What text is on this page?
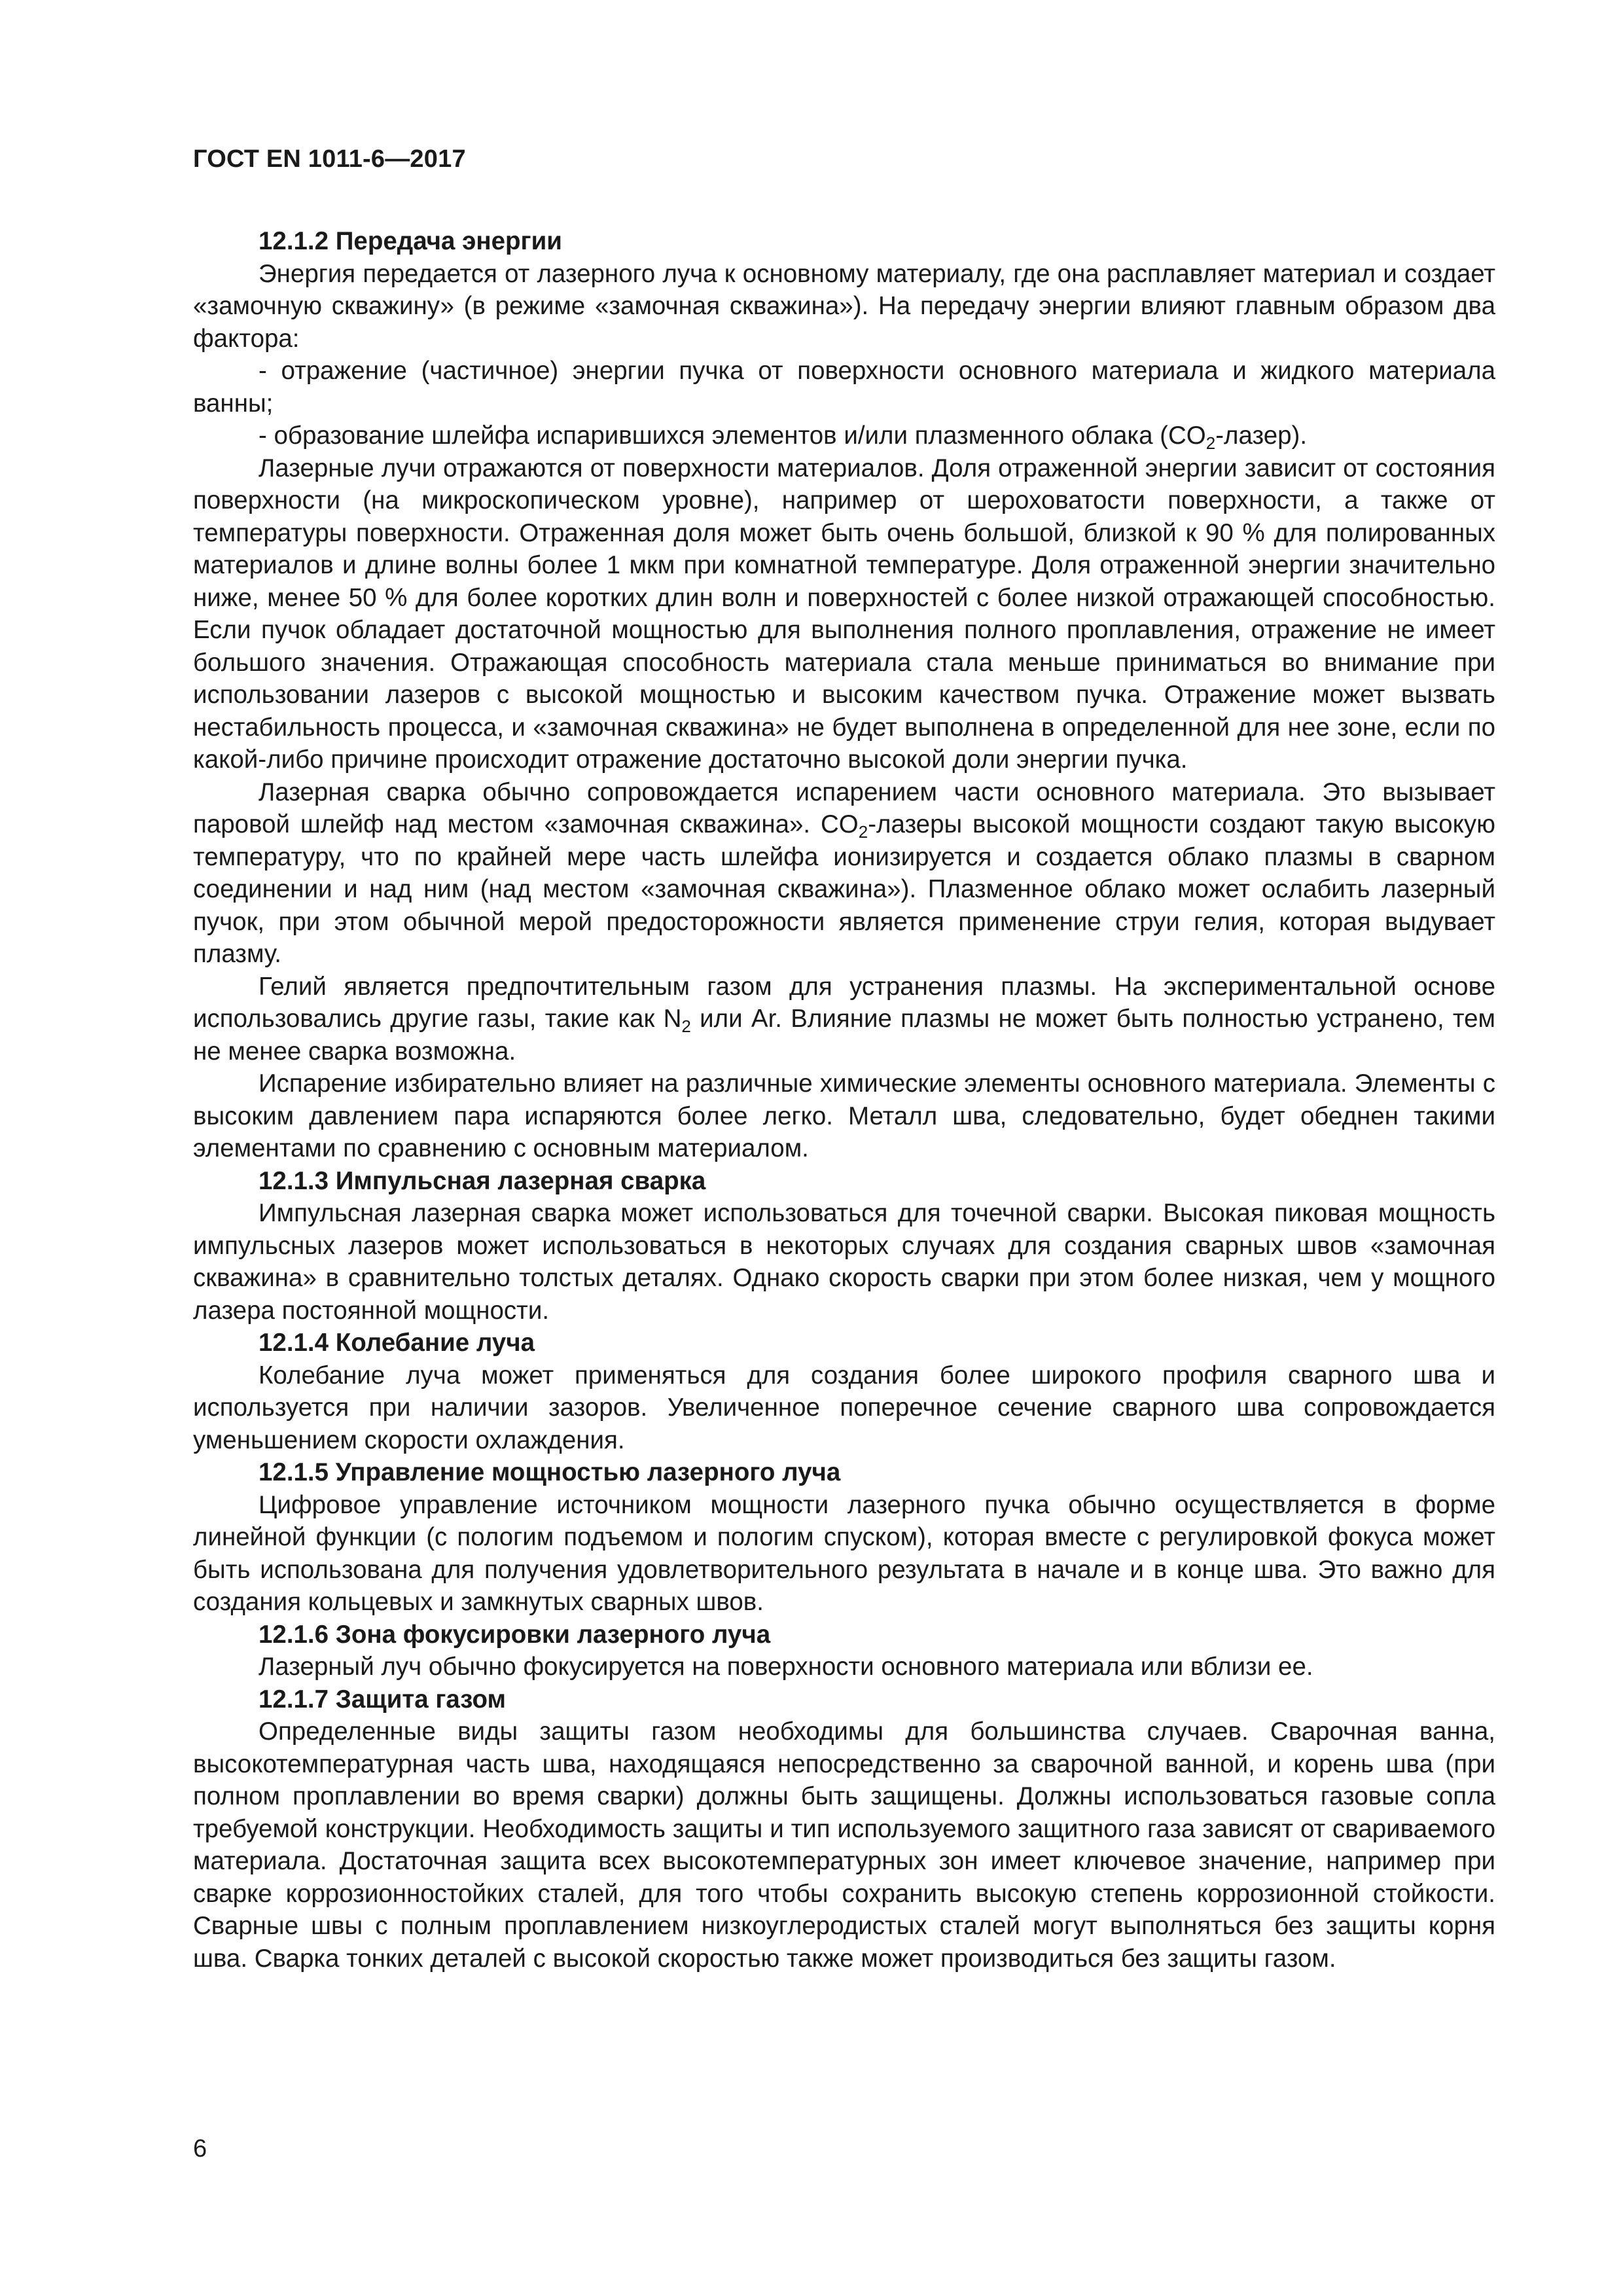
ГОСТ EN 1011-6—2017
12.1.2 Передача энергии

Энергия передается от лазерного луча к основному материалу, где она расплавляет материал и создает «замочную скважину» (в режиме «замочная скважина»). На передачу энергии влияют главным образом два фактора:

- отражение (частичное) энергии пучка от поверхности основного материала и жидкого материала ванны;

- образование шлейфа испарившихся элементов и/или плазменного облака $(CO_2-лазер)$.

Лазерные лучи отражаются от поверхности материалов. Доля отраженной энергии зависит от состояния поверхности (на микроскопическом уровне), например от шероховатости поверхности, а также от температуры поверхности. Отраженная доля может быть очень большой, близкой к 90 % для полированных материалов и длине волны более 1 мкм при комнатной температуре. Доля отраженной энергии значительно ниже, менее 50 % для более коротких длин волн и поверхностей с более низкой отражающей способностью. Если пучок обладает достаточной мощностью для выполнения полного проплавления, отражение не имеет большого значения. Отражающая способность материала стала меньше приниматься во внимание при использовании лазеров с высокой мощностью и высоким качеством пучка. Отражение может вызвать нестабильность процесса, и «замочная скважина» не будет выполнена в определенной для нее зоне, если по какой-либо причине происходит отражение достаточно высокой доли энергии пучка.

Лазерная сварка обычно сопровождается испарением части основного материала. Это вызывает паровой шлейф над местом «замочная скважина». $CO_2$-лазеры высокой мощности создают такую высокую температуру, что по крайней мере часть шлейфа ионизируется и создается облако плазмы в сварном соединении и над ним (над местом «замочная скважина»). Плазменное облако может ослабить лазерный пучок, при этом обычной мерой предосторожности является применение струи гелия, которая выдувает плазму.

Гелий является предпочтительным газом для устранения плазмы. На экспериментальной основе использовались другие газы, такие как $N_2$ или Ar. Влияние плазмы не может быть полностью устранено, тем не менее сварка возможна.

Испарение избирательно влияет на различные химические элементы основного материала. Элементы с высоким давлением пара испаряются более легко. Металл шва, следовательно, будет обеднен такими элементами по сравнению с основным материалом.

12.1.3 Импульсная лазерная сварка

Импульсная лазерная сварка может использоваться для точечной сварки. Высокая пиковая мощность импульсных лазеров может использоваться в некоторых случаях для создания сварных швов «замочная скважина» в сравнительно толстых деталях. Однако скорость сварки при этом более низкая, чем у мощного лазера постоянной мощности.

12.1.4 Колебание луча

Колебание луча может применяться для создания более широкого профиля сварного шва и используется при наличии зазоров. Увеличенное поперечное сечение сварного шва сопровождается уменьшением скорости охлаждения.

12.1.5 Управление мощностью лазерного луча

Цифровое управление источником мощности лазерного пучка обычно осуществляется в форме линейной функции (с пологим подъемом и пологим спуском), которая вместе с регулировкой фокуса может быть использована для получения удовлетворительного результата в начале и в конце шва. Это важно для создания кольцевых и замкнутых сварных швов.

12.1.6 Зона фокусировки лазерного луча

Лазерный луч обычно фокусируется на поверхности основного материала или вблизи ее.

12.1.7 Защита газом

Определенные виды защиты газом необходимы для большинства случаев. Сварочная ванна, высокотемпературная часть шва, находящаяся непосредственно за сварочной ванной, и корень шва (при полном проплавлении во время сварки) должны быть защищены. Должны использоваться газовые сопла требуемой конструкции. Необходимость защиты и тип используемого защитного газа зависят от свариваемого материала. Достаточная защита всех высокотемпературных зон имеет ключевое значение, например при сварке коррозионностойких сталей, для того чтобы сохранить высокую степень коррозионной стойкости. Сварные швы с полным проплавлением низкоуглеродистых сталей могут выполняться без защиты корня шва. Сварка тонких деталей с высокой скоростью также может производиться без защиты газом.

6
